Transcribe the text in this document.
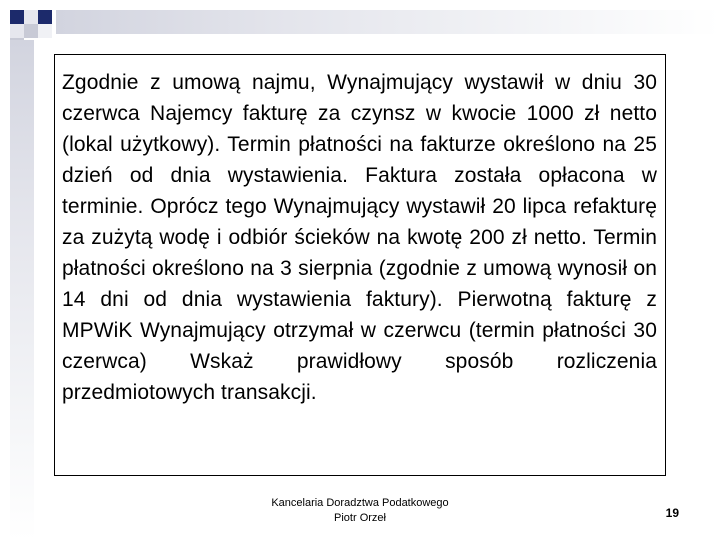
Zgodnie z umową najmu, Wynajmujący wystawił w dniu 30 czerwca Najemcy fakturę za czynsz w kwocie 1000 zł netto (lokal użytkowy). Termin płatności na fakturze określono na 25 dzień od dnia wystawienia. Faktura została opłacona w terminie. Oprócz tego Wynajmujący wystawił 20 lipca refakturę za zużytą wodę i odbiór ścieków na kwotę 200 zł netto. Termin płatności określono na 3 sierpnia (zgodnie z umową wynosił on 14 dni od dnia wystawienia faktury). Pierwotną fakturę z MPWiK Wynajmujący otrzymał w czerwcu (termin płatności 30 czerwca) Wskaż prawidłowy sposób rozliczenia przedmiotowych transakcji.

Kancelaria Doradztwa Podatkowego
Piotr Orzeł	19
